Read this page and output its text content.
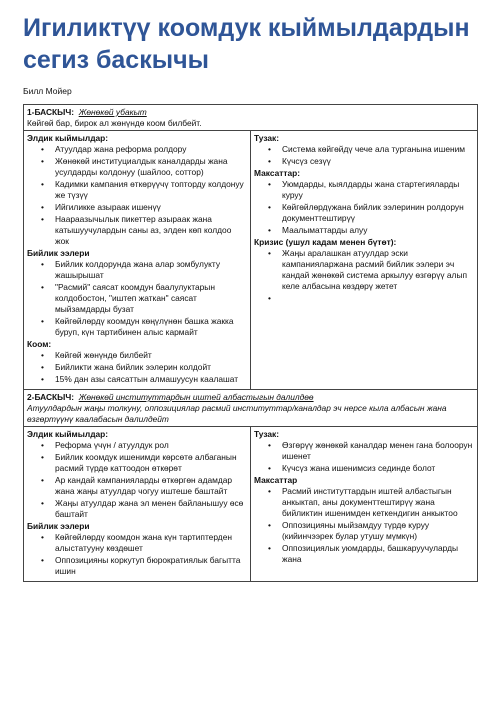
Игиликтүү коомдук кыймылдардын сегиз баскычы
Билл Мойер
1-БАСКЫЧ: Жөнөкөй убакыт
Көйгөй бар, бирок ал жөнүндө коом билбейт.
Элдик кыймылдар:
• Атуулдар жана реформа ролдору
• Жөнөкөй институциалдык каналдарды жана усулдарды колдонуу (шайлоо, соттор)
• Кадимки кампания өткөрүүчү топторду колдонуу же түзүү
• Ийгиликке азыраак ишенүү
• Наараазычылык пикеттер азыраак жана катышуучулардын саны аз, элден көп колдоо жок
Бийлик ээлери
• Бийлик колдорунда жана алар зомбулукту жашырышат
• "Расмий" саясат коомдун баалулуктарын колдобостон, "иштеп жаткан" саясат мыйзамдарды бузат
• Көйгөйлөрдү коомдун көңүлүнөн башка жакка буруп, күн тартибинен алыс кармайт
Коом:
• Көйгөй жөнүндө билбейт
• Бийликти жана бийлик ээлерин колдойт
• 15% дан азы саясаттын алмашуусун каалашат
Тузак:
• Система көйгөйдү чече ала турганына ишеним
• Күчсүз сезүү
Максаттар:
• Уюмдарды, кыялдарды жана стартегияларды куруу
• Көйгөйлөрдүжана бийлик ээлеринин ролдорун документтештирүү
• Маалыматтарды алуу
Кризис (ушул кадам менен бүтөт):
• Жаңы аралашкан атуулдар эски кампанияларжана расмий бийлик ээлери эч кандай жөнөкөй система аркылуу өзгөрүү алып келе албасына көздөрү жетет
2-БАСКЫЧ: Жөнөкөй институттардын иштей албастыгын далилдөө
Атуулдардын жаңы толкуну, оппозициялар расмий институттар/каналдар эч нерсе кыла албасын жана өзгөртүүнү каалабасын далилдейт
Элдик кыймылдар:
• Реформа үчүн / атуулдук рол
• Бийлик коомдук ишенимди көрсөтө албаганын расмий түрдө каттоодон өткөрөт
• Ар кандай кампанияларды өткөргөн адамдар жана жаңы атуулдар чогуу иштеше баштайт
• Жаңы атуулдар жана эл менен байланышуу өсө баштайт
Бийлик ээлери
• Көйгөйлөрдү коомдон жана күн тартиптерден алыстатууну көздөшет
• Оппозицияны коркутуп бюрократиялык багытта ишин
Тузак:
• Өзгөрүү жөнөкөй каналдар менен гана болоорун ишенет
• Күчсүз жана ишенимсиз сединде болот
Максаттар
• Расмий институттардын иштей албастыгын анкыктап, аны документтештирүү жана бийликтин ишенимден кеткендигин анкыктоо
• Оппозицияны мыйзамдуу түрдө куруу (кийинчээрек булар утушу мүмкүн)
• Оппозициялык уюмдарды, башкаруучуларды жана
